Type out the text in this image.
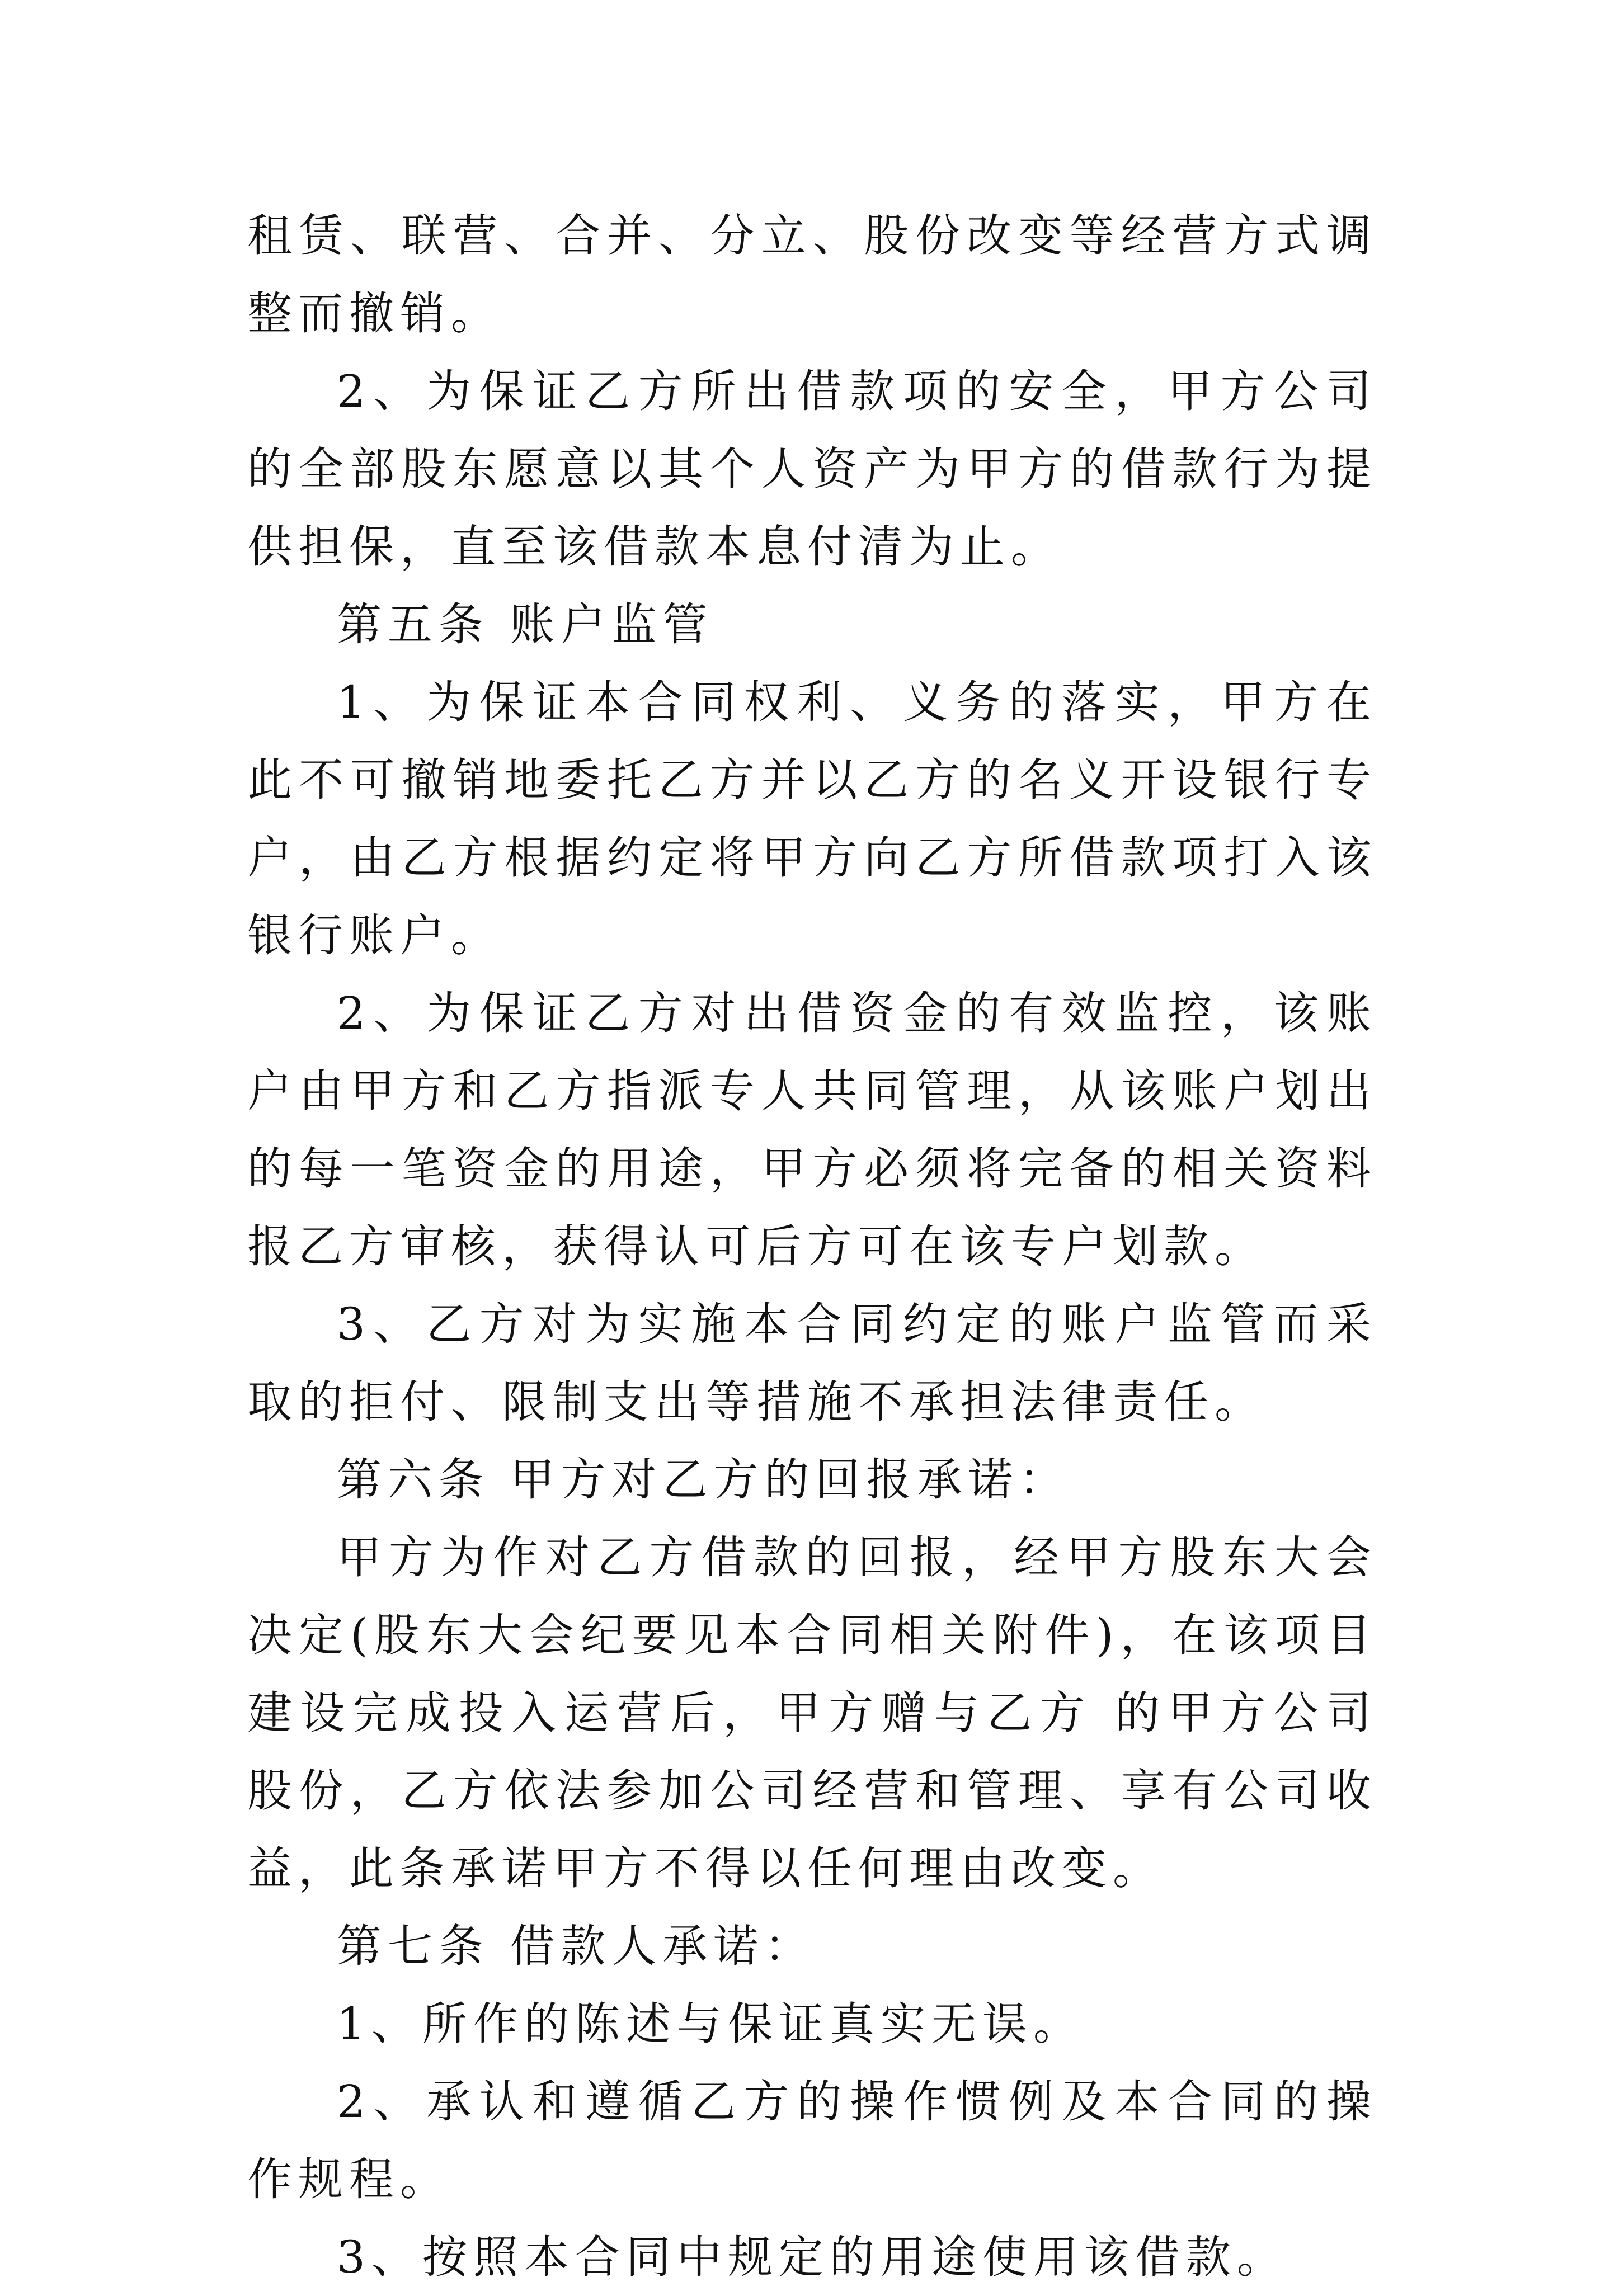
租赁、联营、合并、分立、股份改变等经营方式调整而撤销。

2、为保证乙方所出借款项的安全，甲方公司的全部股东愿意以其个人资产为甲方的借款行为提供担保，直至该借款本息付清为止。

第五条 账户监管

1、为保证本合同权利、义务的落实，甲方在此不可撤销地委托乙方并以乙方的名义开设银行专户，由乙方根据约定将甲方向乙方所借款项打入该银行账户。

2、为保证乙方对出借资金的有效监控，该账户由甲方和乙方指派专人共同管理，从该账户划出的每一笔资金的用途，甲方必须将完备的相关资料报乙方审核，获得认可后方可在该专户划款。

3、乙方对为实施本合同约定的账户监管而采取的拒付、限制支出等措施不承担法律责任。

第六条 甲方对乙方的回报承诺：

甲方为作对乙方借款的回报，经甲方股东大会决定(股东大会纪要见本合同相关附件)，在该项目建设完成投入运营后，甲方赠与乙方 的甲方公司股份，乙方依法参加公司经营和管理、享有公司收益，此条承诺甲方不得以任何理由改变。

第七条 借款人承诺：

1、所作的陈述与保证真实无误。

2、承认和遵循乙方的操作惯例及本合同的操作规程。

3、按照本合同中规定的用途使用该借款。
